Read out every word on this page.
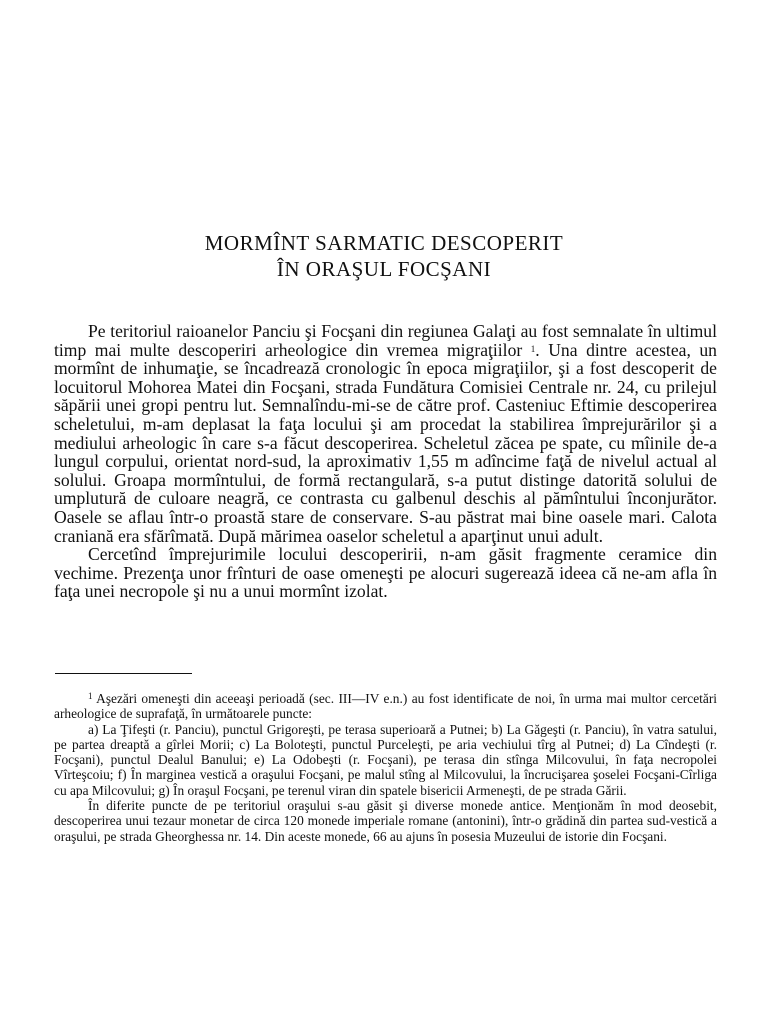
MORMÎNT SARMATIC DESCOPERIT
ÎN ORAŞUL FOCŞANI

Pe teritoriul raioanelor Panciu şi Focşani din regiunea Galaţi au fost semnalate în ultimul timp mai multe descoperiri arheologice din vremea migraţiilor $^1$. Una dintre acestea, un mormînt de inhumaţie, se încadrează cronologic în epoca migraţiilor, şi a fost descoperit de locuitorul Mohorea Matei din Focşani, strada Fundătura Comisiei Centrale nr. 24, cu prilejul săpării unei gropi pentru lut. Semnalîndu-mi-se de către prof. Casteniuc Eftimie descoperirea scheletului, m-am deplasat la faţa locului şi am procedat la stabilirea împrejurărilor şi a mediului arheologic în care s-a făcut descoperirea. Scheletul zăcea pe spate, cu mîinile de-a lungul corpului, orientat nord-sud, la aproximativ 1,55 m adîncime faţă de nivelul actual al solului. Groapa mormîntului, de formă rectangulară, s-a putut distinge datorită solului de umplutură de culoare neagră, ce contrasta cu galbenul deschis al pămîntului înconjurător. Oasele se aflau într-o proastă stare de conservare. S-au păstrat mai bine oasele mari. Calota craniană era sfărîmată. După mărimea oaselor scheletul a aparţinut unui adult.

Cercetînd împrejurimile locului descoperirii, n-am găsit fragmente ceramice din vechime. Prezenţa unor frînturi de oase omeneşti pe alocuri sugerează ideea că ne-am afla în faţa unei necropole şi nu a unui mormînt izolat.

$^1$ Aşezări omeneşti din aceeaşi perioadă (sec. III—IV e.n.) au fost identificate de noi, în urma mai multor cercetări arheologice de suprafaţă, în următoarele puncte:

a) La Ţifeşti (r. Panciu), punctul Grigoreşti, pe terasa superioară a Putnei; b) La Găgeşti (r. Panciu), în vatra satului, pe partea dreaptă a gîrlei Morii; c) La Boloteşti, punctul Purceleşti, pe aria vechiului tîrg al Putnei; d) La Cîndeşti (r. Focşani), punctul Dealul Banului; e) La Odobeşti (r. Focşani), pe terasa din stînga Milcovului, în faţa necropolei Vîrteşcoiu; f) În marginea vestică a oraşului Focşani, pe malul stîng al Milcovului, la încrucişarea şoselei Focşani-Cîrliga cu apa Milcovului; g) În oraşul Focşani, pe terenul viran din spatele bisericii Armeneşti, de pe strada Gării.

În diferite puncte de pe teritoriul oraşului s-au găsit şi diverse monede antice. Menţionăm în mod deosebit, descoperirea unui tezaur monetar de circa 120 monede imperiale romane (antonini), într-o grădină din partea sud-vestică a oraşului, pe strada Gheorghessa nr. 14. Din aceste monede, 66 au ajuns în posesia Muzeului de istorie din Focşani.
